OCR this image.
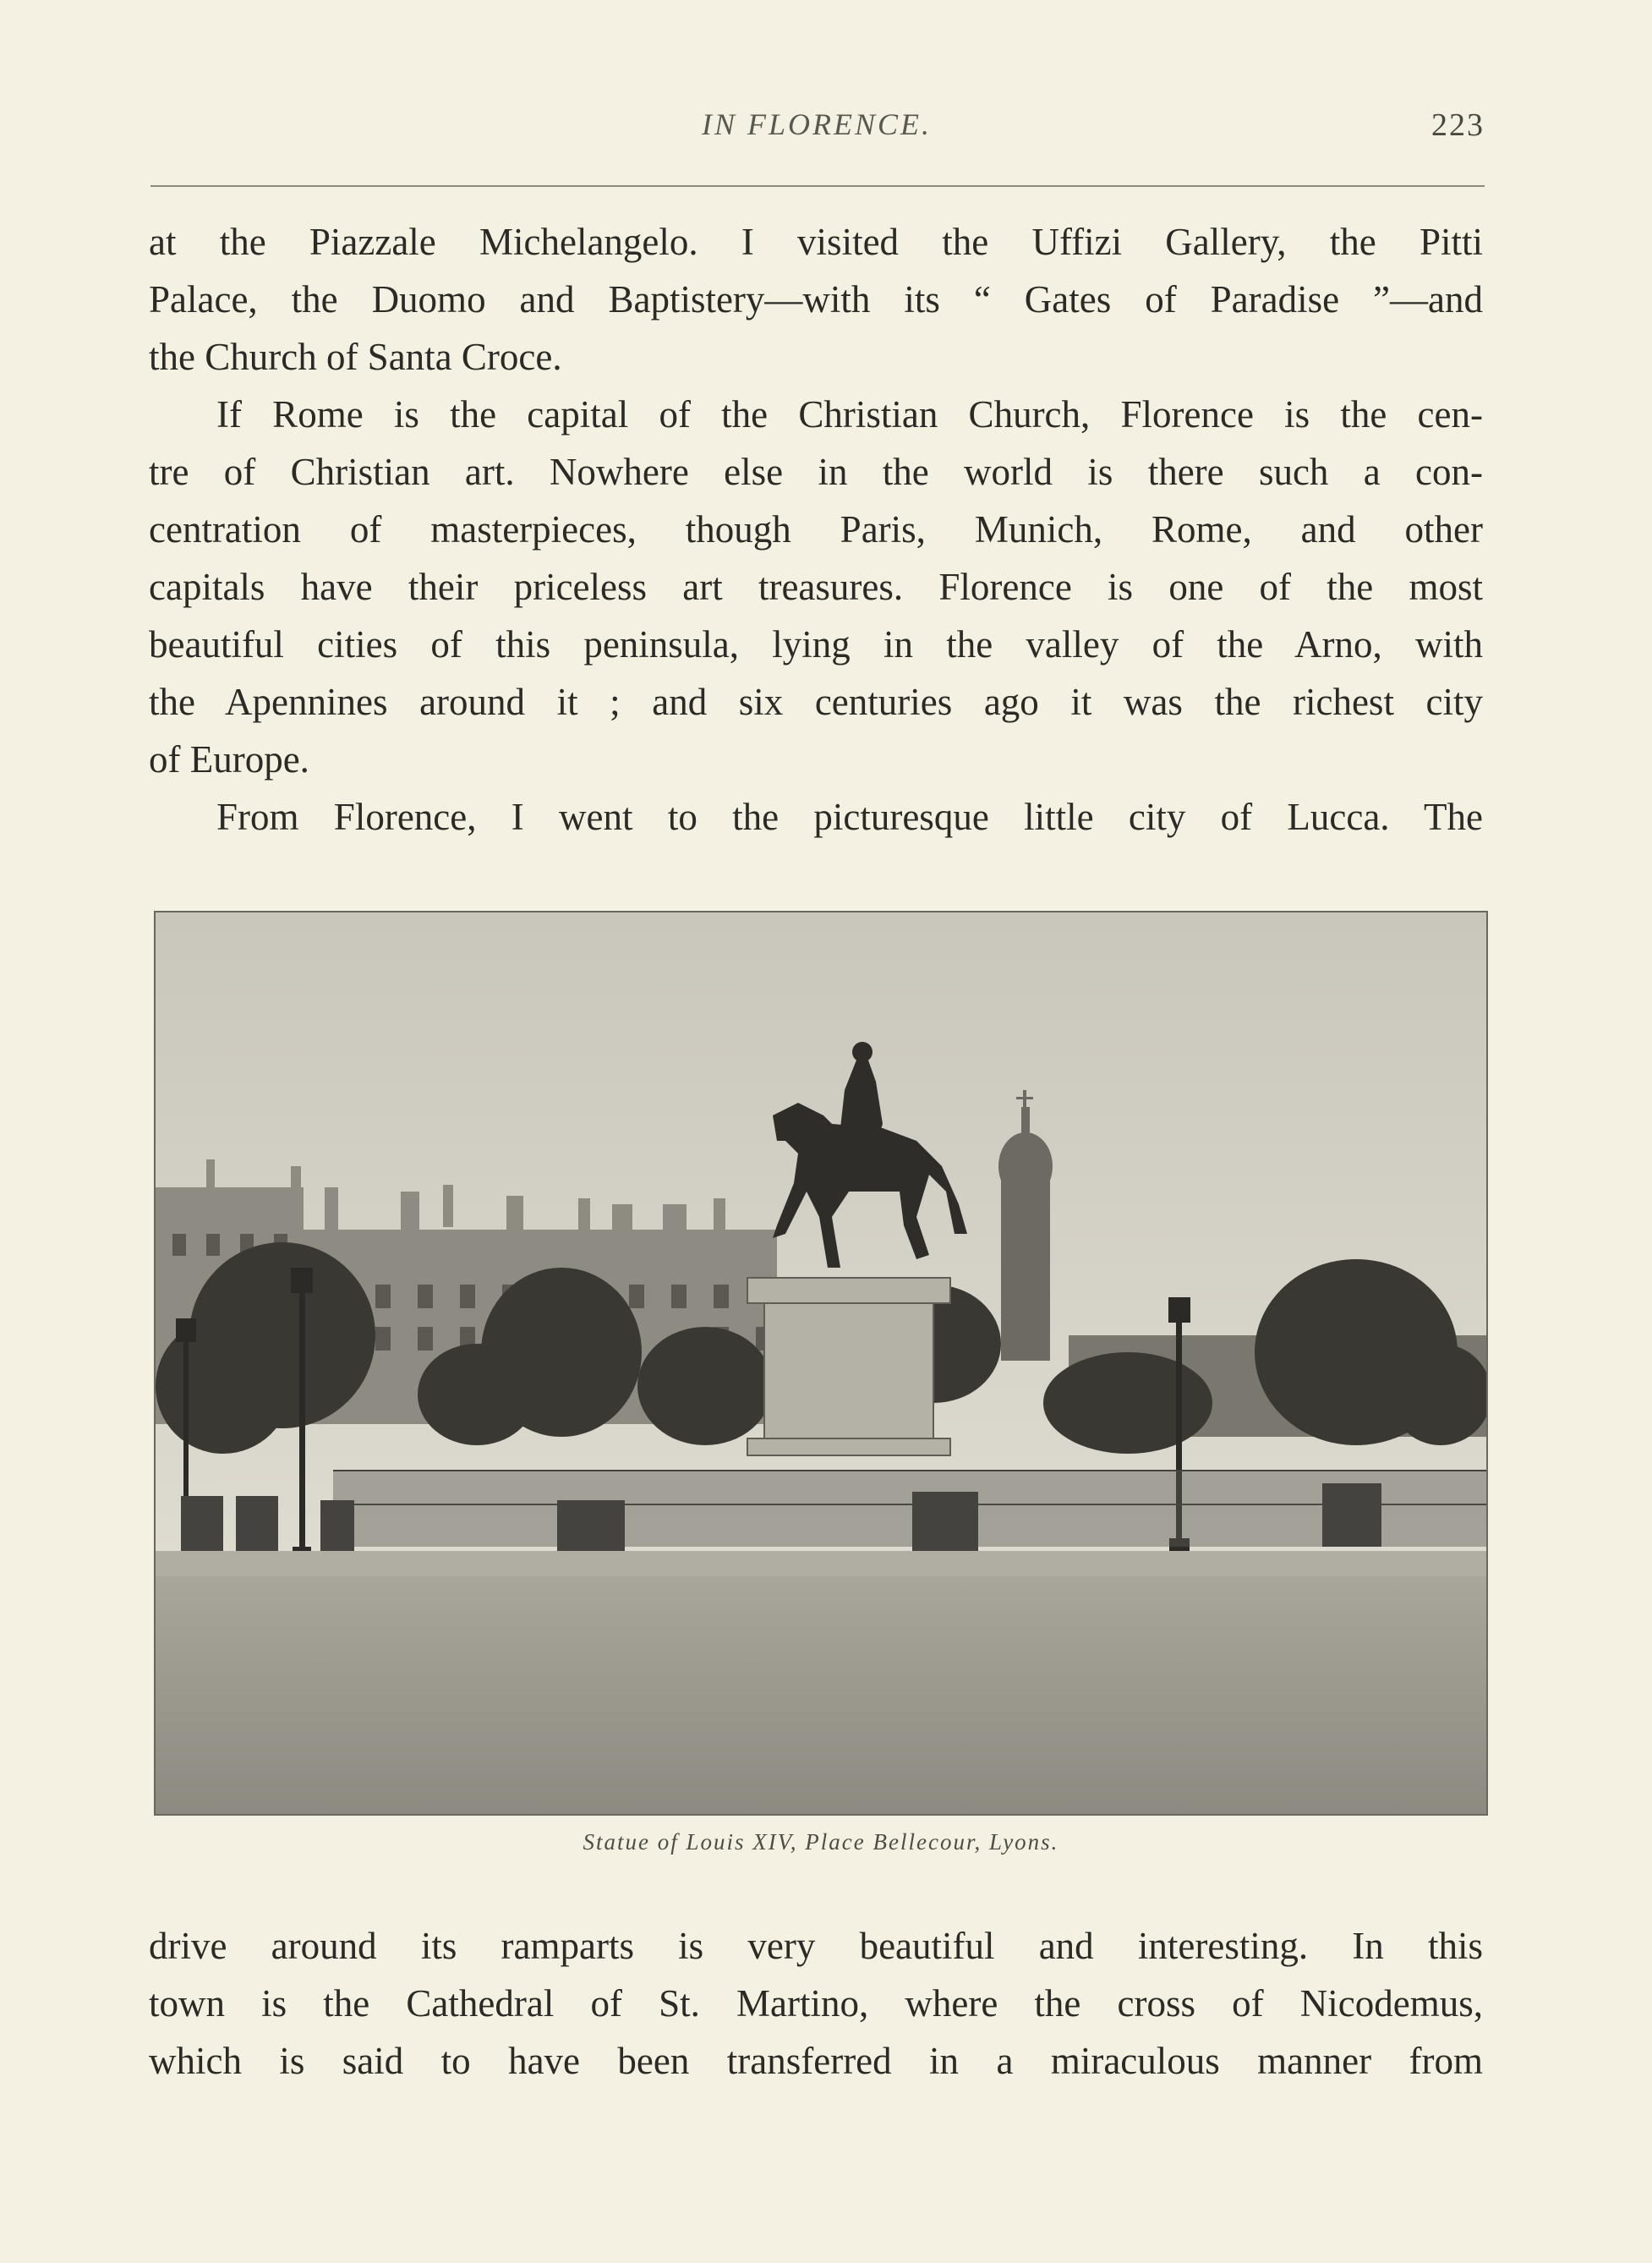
IN FLORENCE.	223
at the Piazzale Michelangelo. I visited the Uffizi Gallery, the Pitti
Palace, the Duomo and Baptistery—with its “ Gates of Paradise ”—and
the Church of Santa Croce.
If Rome is the capital of the Christian Church, Florence is the cen-
tre of Christian art. Nowhere else in the world is there such a con-
centration of masterpieces, though Paris, Munich, Rome, and other
capitals have their priceless art treasures. Florence is one of the most
beautiful cities of this peninsula, lying in the valley of the Arno, with
the Apennines around it ; and six centuries ago it was the richest city
of Europe.
From Florence, I went to the picturesque little city of Lucca. The
Statue of Louis XIV, Place Bellecour, Lyons.
drive around its ramparts is very beautiful and interesting. In this
town is the Cathedral of St. Martino, where the cross of Nicodemus,
which is said to have been transferred in a miraculous manner from
